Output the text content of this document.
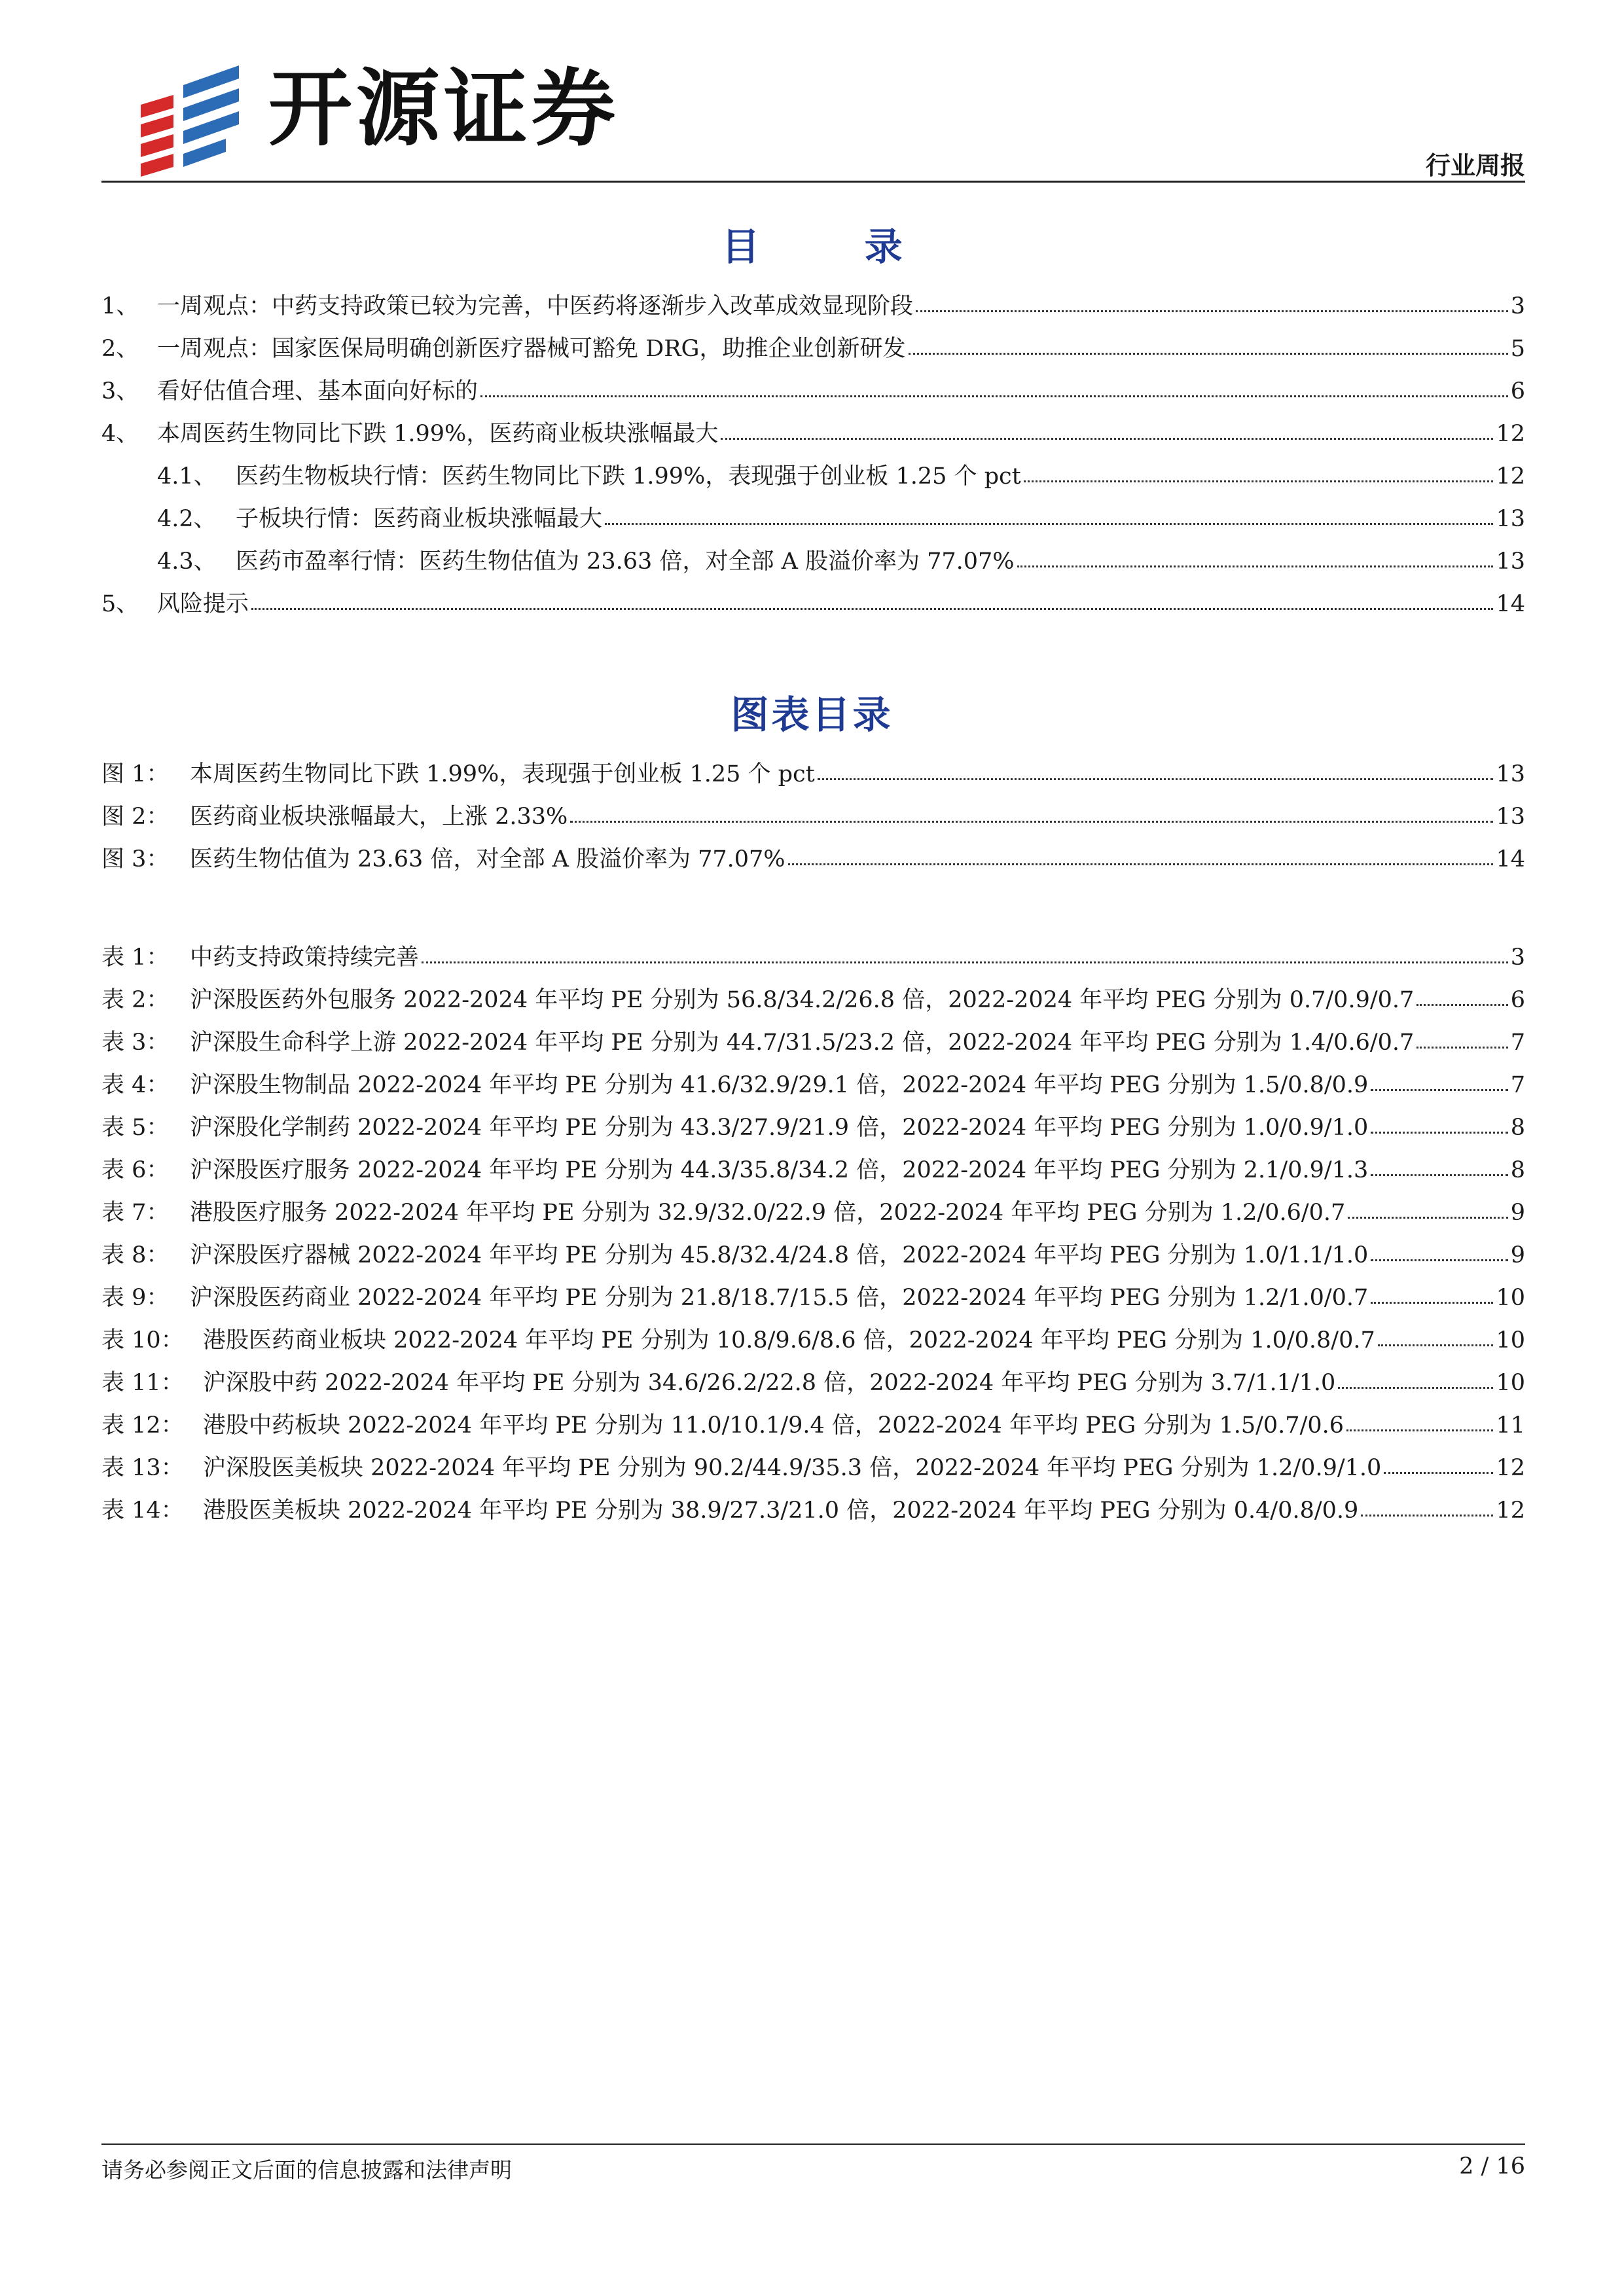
开源证券
行业周报
目 录
1、 一周观点：中药支持政策已较为完善，中医药将逐渐步入改革成效显现阶段	3
2、 一周观点：国家医保局明确创新医疗器械可豁免 DRG，助推企业创新研发	5
3、 看好估值合理、基本面向好标的	6
4、 本周医药生物同比下跌 1.99%，医药商业板块涨幅最大	12
4.1、 医药生物板块行情：医药生物同比下跌 1.99%，表现强于创业板 1.25 个 pct	12
4.2、 子板块行情：医药商业板块涨幅最大	13
4.3、 医药市盈率行情：医药生物估值为 23.63 倍，对全部 A 股溢价率为 77.07%	13
5、 风险提示	14
图表目录
图 1： 本周医药生物同比下跌 1.99%，表现强于创业板 1.25 个 pct	13
图 2： 医药商业板块涨幅最大，上涨 2.33%	13
图 3： 医药生物估值为 23.63 倍，对全部 A 股溢价率为 77.07%	14
表 1： 中药支持政策持续完善	3
表 2： 沪深股医药外包服务 2022-2024 年平均 PE 分别为 56.8/34.2/26.8 倍，2022-2024 年平均 PEG 分别为 0.7/0.9/0.7	6
表 3： 沪深股生命科学上游 2022-2024 年平均 PE 分别为 44.7/31.5/23.2 倍，2022-2024 年平均 PEG 分别为 1.4/0.6/0.7	7
表 4： 沪深股生物制品 2022-2024 年平均 PE 分别为 41.6/32.9/29.1 倍，2022-2024 年平均 PEG 分别为 1.5/0.8/0.9	7
表 5： 沪深股化学制药 2022-2024 年平均 PE 分别为 43.3/27.9/21.9 倍，2022-2024 年平均 PEG 分别为 1.0/0.9/1.0	8
表 6： 沪深股医疗服务 2022-2024 年平均 PE 分别为 44.3/35.8/34.2 倍，2022-2024 年平均 PEG 分别为 2.1/0.9/1.3	8
表 7： 港股医疗服务 2022-2024 年平均 PE 分别为 32.9/32.0/22.9 倍，2022-2024 年平均 PEG 分别为 1.2/0.6/0.7	9
表 8： 沪深股医疗器械 2022-2024 年平均 PE 分别为 45.8/32.4/24.8 倍，2022-2024 年平均 PEG 分别为 1.0/1.1/1.0	9
表 9： 沪深股医药商业 2022-2024 年平均 PE 分别为 21.8/18.7/15.5 倍，2022-2024 年平均 PEG 分别为 1.2/1.0/0.7	10
表 10： 港股医药商业板块 2022-2024 年平均 PE 分别为 10.8/9.6/8.6 倍，2022-2024 年平均 PEG 分别为 1.0/0.8/0.7	10
表 11： 沪深股中药 2022-2024 年平均 PE 分别为 34.6/26.2/22.8 倍，2022-2024 年平均 PEG 分别为 3.7/1.1/1.0	10
表 12： 港股中药板块 2022-2024 年平均 PE 分别为 11.0/10.1/9.4 倍，2022-2024 年平均 PEG 分别为 1.5/0.7/0.6	11
表 13： 沪深股医美板块 2022-2024 年平均 PE 分别为 90.2/44.9/35.3 倍，2022-2024 年平均 PEG 分别为 1.2/0.9/1.0	12
表 14： 港股医美板块 2022-2024 年平均 PE 分别为 38.9/27.3/21.0 倍，2022-2024 年平均 PEG 分别为 0.4/0.8/0.9	12
请务必参阅正文后面的信息披露和法律声明	2 / 16
